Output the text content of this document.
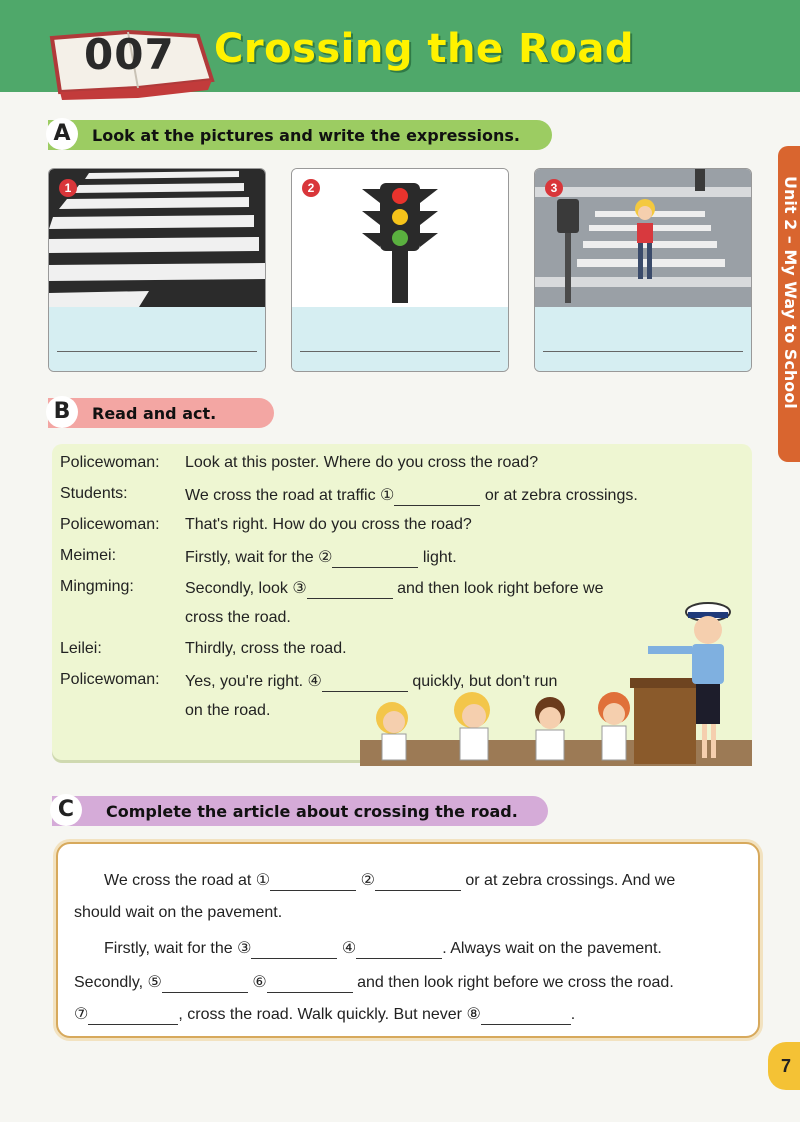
007 Crossing the Road
Unit 2 – My Way to School
A	Look at the pictures and write the expressions.
1	2	3
B	Read and act.
Policewoman: Look at this poster. Where do you cross the road?
Students:	We cross the road at traffic ①	or at zebra crossings.
Policewoman: That's right. How do you cross the road?
Meimei:	Firstly, wait for the ②	light.
Mingming:	Secondly, look ③	and then look right before we
cross the road.
Leilei:	Thirdly, cross the road.
Policewoman: Yes, you're right. ④	quickly, but don't run
on the road.
C	Complete the article about crossing the road.
We cross the road at ①	②	or at zebra crossings. And we
should wait on the pavement.
Firstly, wait for the ③	④	. Always wait on the pavement.
Secondly, ⑤	⑥	and then look right before we cross the road.
⑦	, cross the road. Walk quickly. But never ⑧	.
7
